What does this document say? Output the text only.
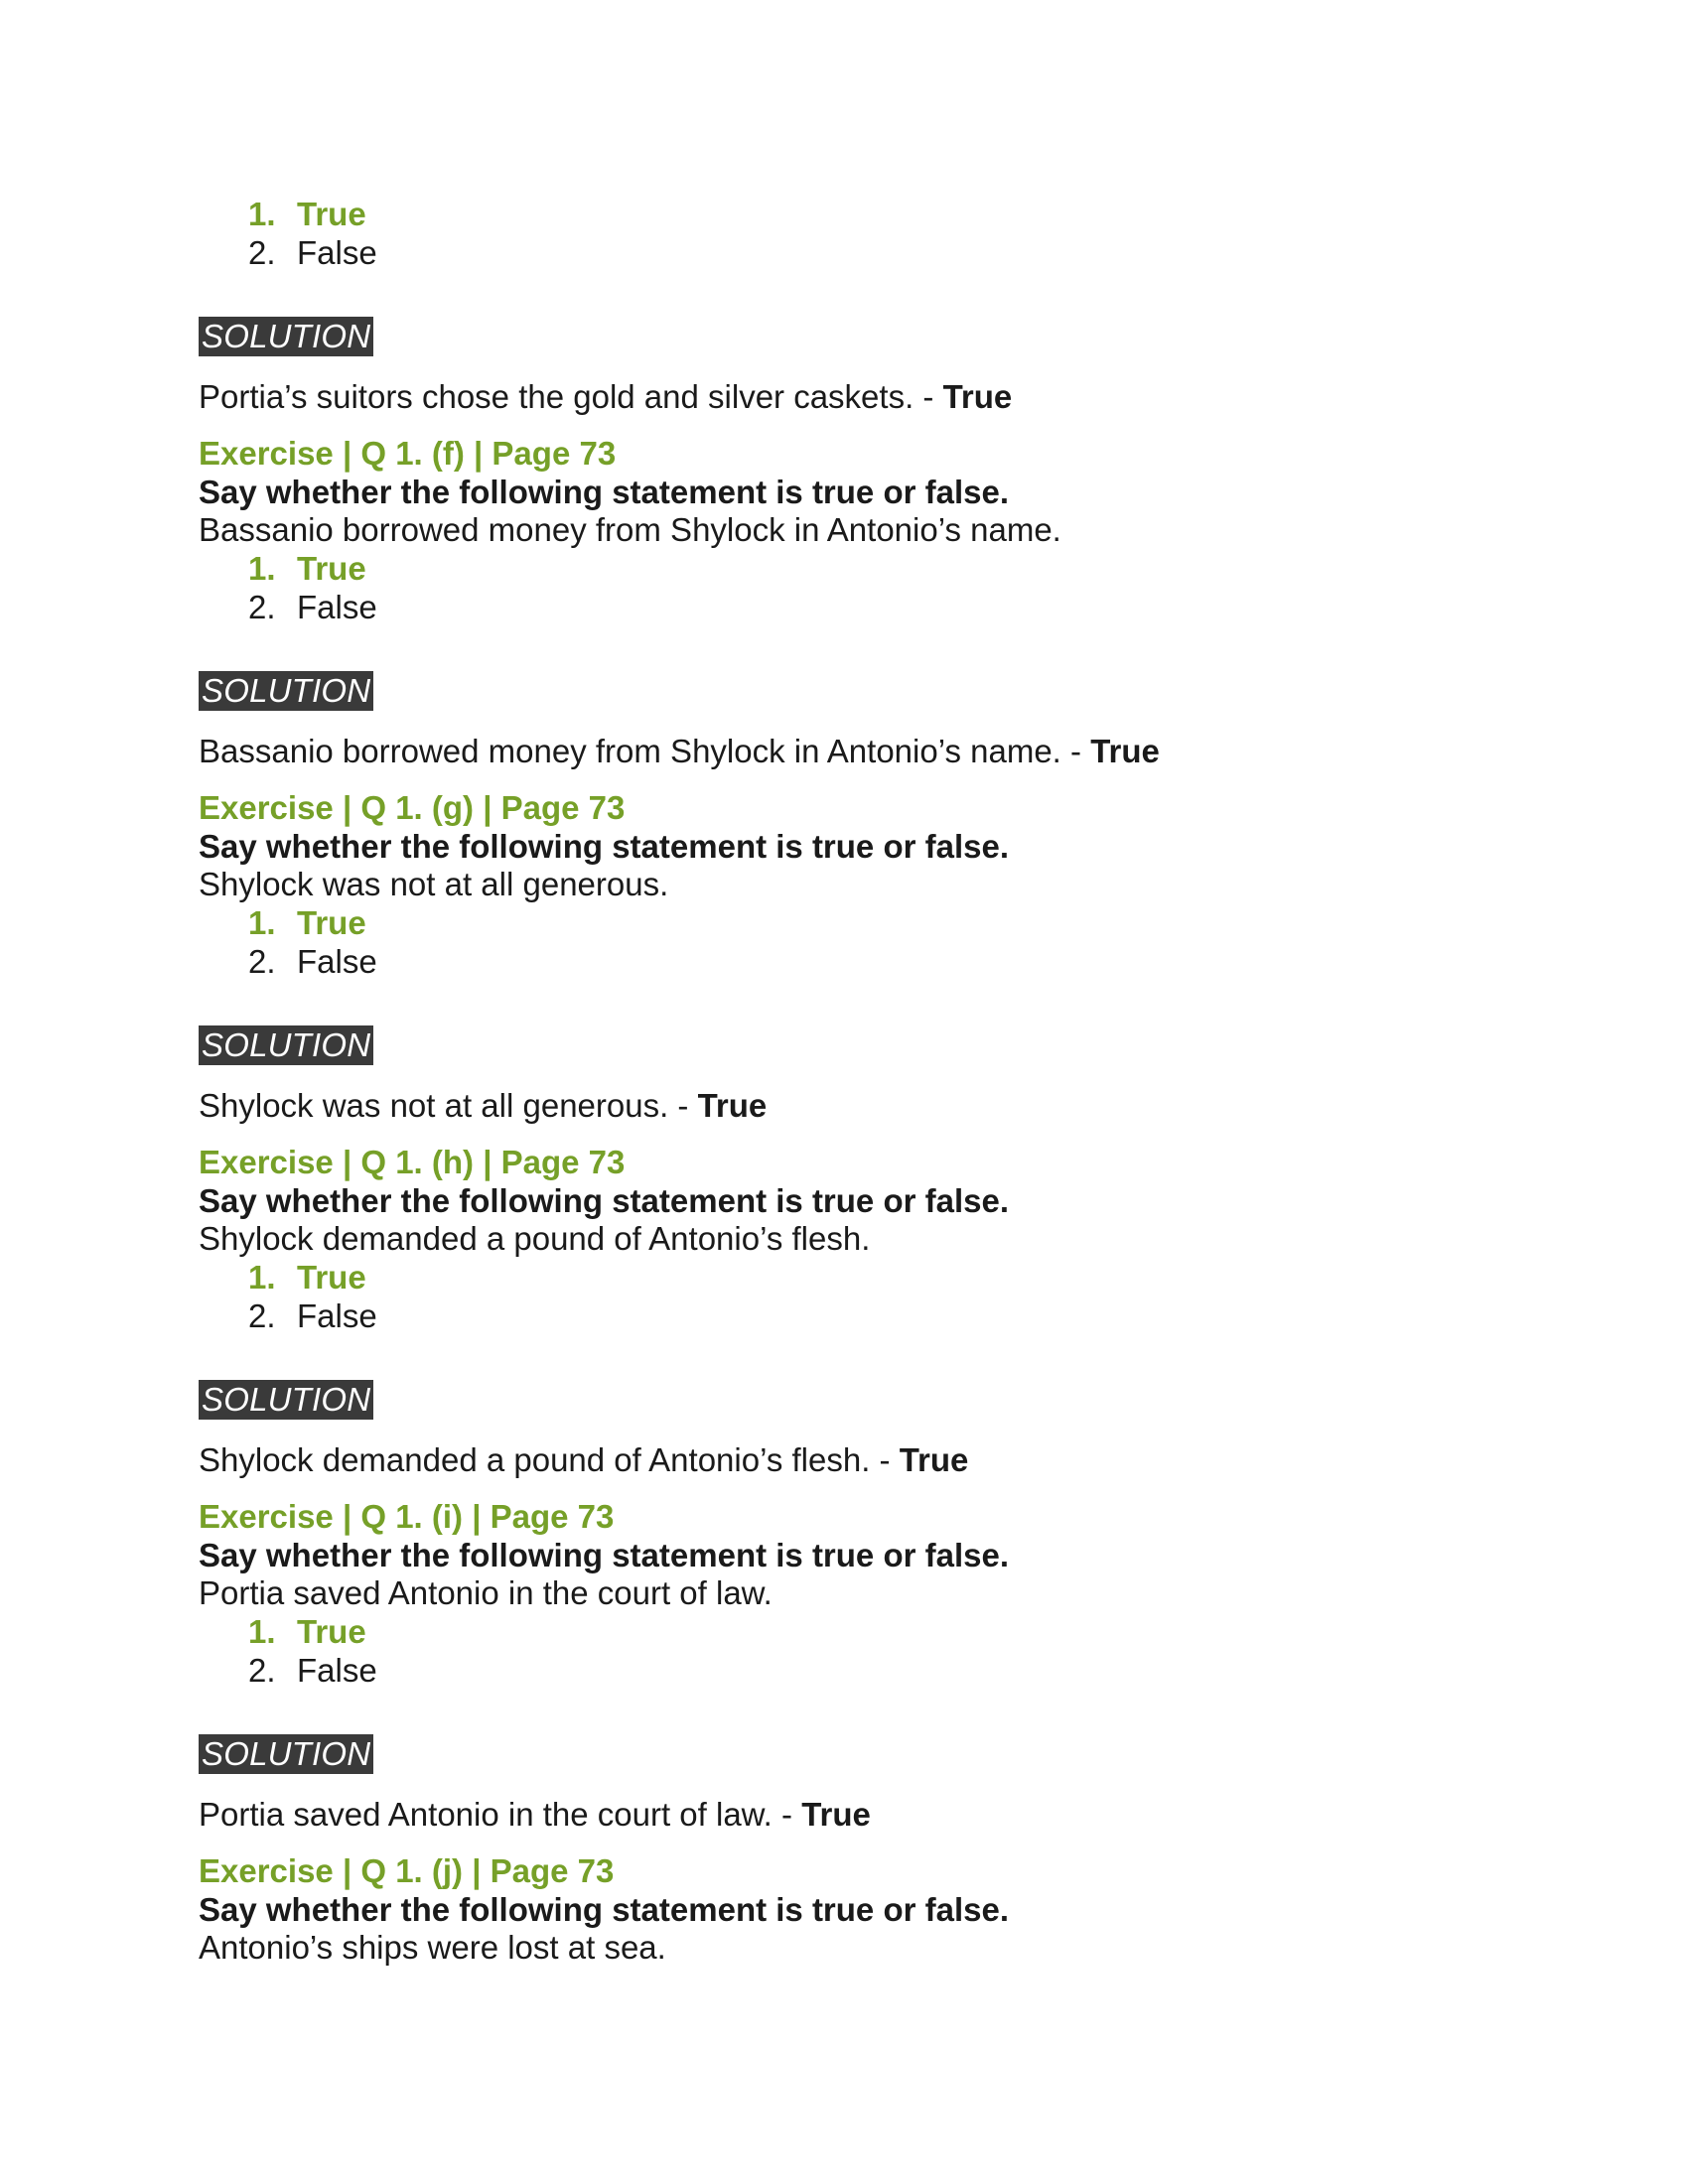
1. True
2. False
SOLUTION
Portia’s suitors chose the gold and silver caskets. - True
Exercise | Q 1. (f) | Page 73
Say whether the following statement is true or false.
Bassanio borrowed money from Shylock in Antonio’s name.
1. True
2. False
SOLUTION
Bassanio borrowed money from Shylock in Antonio’s name. - True
Exercise | Q 1. (g) | Page 73
Say whether the following statement is true or false.
Shylock was not at all generous.
1. True
2. False
SOLUTION
Shylock was not at all generous. - True
Exercise | Q 1. (h) | Page 73
Say whether the following statement is true or false.
Shylock demanded a pound of Antonio’s flesh.
1. True
2. False
SOLUTION
Shylock demanded a pound of Antonio’s flesh. - True
Exercise | Q 1. (i) | Page 73
Say whether the following statement is true or false.
Portia saved Antonio in the court of law.
1. True
2. False
SOLUTION
Portia saved Antonio in the court of law. - True
Exercise | Q 1. (j) | Page 73
Say whether the following statement is true or false.
Antonio’s ships were lost at sea.
